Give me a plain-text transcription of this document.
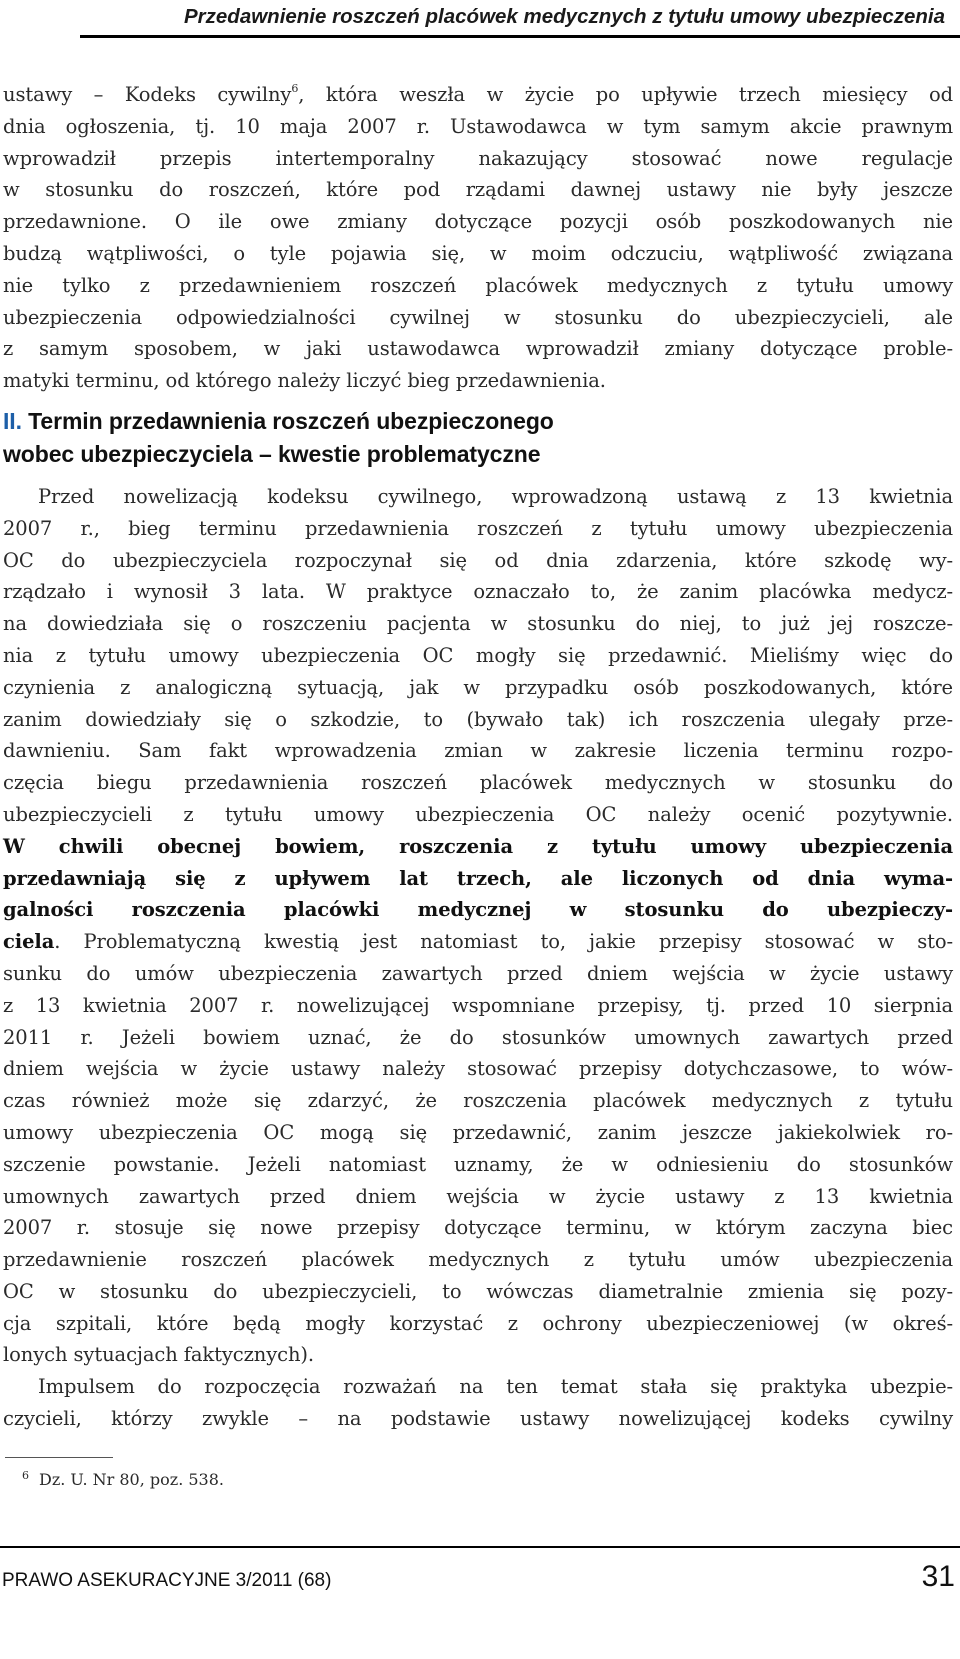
Przedawnienie roszczeń placówek medycznych z tytułu umowy ubezpieczenia
ustawy – Kodeks cywilny$^6$, która weszła w życie po upływie trzech miesięcy od
dnia ogłoszenia, tj. 10 maja 2007 r. Ustawodawca w tym samym akcie prawnym
wprowadził przepis intertemporalny nakazujący stosować nowe regulacje
w stosunku do roszczeń, które pod rządami dawnej ustawy nie były jeszcze
przedawnione. O ile owe zmiany dotyczące pozycji osób poszkodowanych nie
budzą wątpliwości, o tyle pojawia się, w moim odczuciu, wątpliwość związana
nie tylko z przedawnieniem roszczeń placówek medycznych z tytułu umowy
ubezpieczenia odpowiedzialności cywilnej w stosunku do ubezpieczycieli, ale
z samym sposobem, w jaki ustawodawca wprowadził zmiany dotyczące proble-
matyki terminu, od którego należy liczyć bieg przedawnienia.
II. Termin przedawnienia roszczeń ubezpieczonego
wobec ubezpieczyciela – kwestie problematyczne
Przed nowelizacją kodeksu cywilnego, wprowadzoną ustawą z 13 kwietnia
2007 r., bieg terminu przedawnienia roszczeń z tytułu umowy ubezpieczenia
OC do ubezpieczyciela rozpoczynał się od dnia zdarzenia, które szkodę wy-
rządzało i wynosił 3 lata. W praktyce oznaczało to, że zanim placówka medycz-
na dowiedziała się o roszczeniu pacjenta w stosunku do niej, to już jej roszcze-
nia z tytułu umowy ubezpieczenia OC mogły się przedawnić. Mieliśmy więc do
czynienia z analogiczną sytuacją, jak w przypadku osób poszkodowanych, które
zanim dowiedziały się o szkodzie, to (bywało tak) ich roszczenia ulegały prze-
dawnieniu. Sam fakt wprowadzenia zmian w zakresie liczenia terminu rozpo-
częcia biegu przedawnienia roszczeń placówek medycznych w stosunku do
ubezpieczycieli z tytułu umowy ubezpieczenia OC należy ocenić pozytywnie.
W chwili obecnej bowiem, roszczenia z tytułu umowy ubezpieczenia
przedawniają się z upływem lat trzech, ale liczonych od dnia wyma-
galności roszczenia placówki medycznej w stosunku do ubezpieczy-
ciela. Problematyczną kwestią jest natomiast to, jakie przepisy stosować w sto-
sunku do umów ubezpieczenia zawartych przed dniem wejścia w życie ustawy
z 13 kwietnia 2007 r. nowelizującej wspomniane przepisy, tj. przed 10 sierpnia
2011 r. Jeżeli bowiem uznać, że do stosunków umownych zawartych przed
dniem wejścia w życie ustawy należy stosować przepisy dotychczasowe, to wów-
czas również może się zdarzyć, że roszczenia placówek medycznych z tytułu
umowy ubezpieczenia OC mogą się przedawnić, zanim jeszcze jakiekolwiek ro-
szczenie powstanie. Jeżeli natomiast uznamy, że w odniesieniu do stosunków
umownych zawartych przed dniem wejścia w życie ustawy z 13 kwietnia
2007 r. stosuje się nowe przepisy dotyczące terminu, w którym zaczyna biec
przedawnienie roszczeń placówek medycznych z tytułu umów ubezpieczenia
OC w stosunku do ubezpieczycieli, to wówczas diametralnie zmienia się pozy-
cja szpitali, które będą mogły korzystać z ochrony ubezpieczeniowej (w okreś-
lonych sytuacjach faktycznych).
Impulsem do rozpoczęcia rozważań na ten temat stała się praktyka ubezpie-
czycieli, którzy zwykle – na podstawie ustawy nowelizującej kodeks cywilny
$^6$ Dz. U. Nr 80, poz. 538.
PRAWO ASEKURACYJNE 3/2011 (68)	31
